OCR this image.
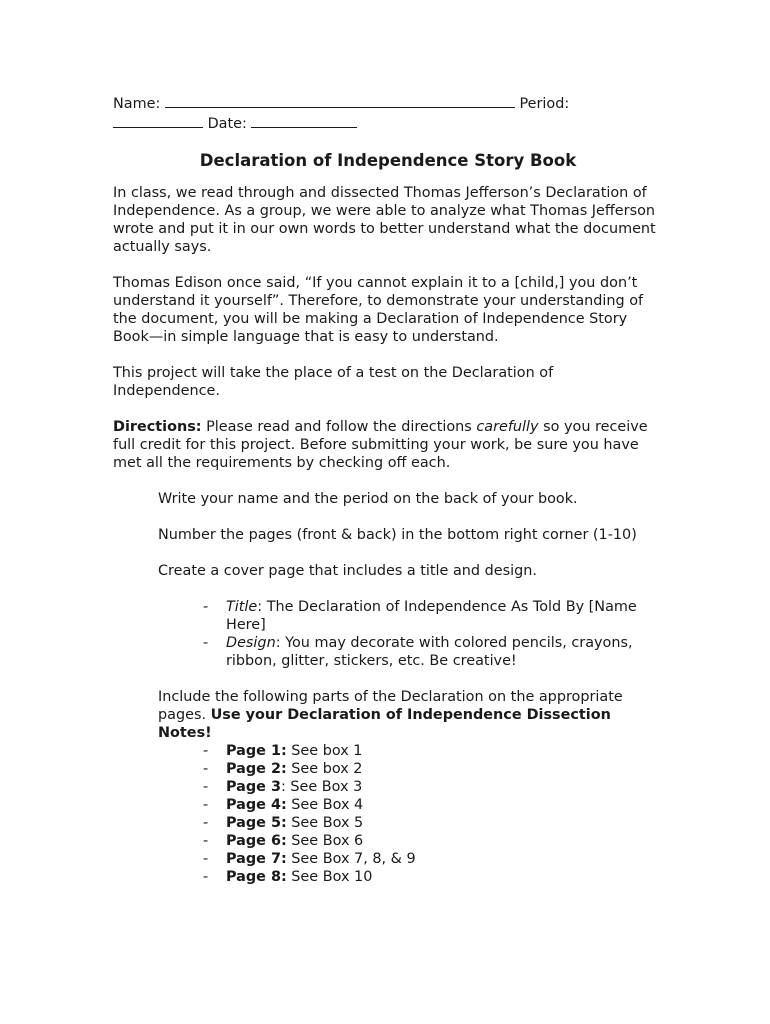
Name:	Period:
Date:

Declaration of Independence Story Book

In class, we read through and dissected Thomas Jefferson’s Declaration of Independence. As a group, we were able to analyze what Thomas Jefferson wrote and put it in our own words to better understand what the document actually says.

Thomas Edison once said, “If you cannot explain it to a [child,] you don’t understand it yourself”. Therefore, to demonstrate your understanding of the document, you will be making a Declaration of Independence Story Book—in simple language that is easy to understand.

This project will take the place of a test on the Declaration of Independence.

Directions: Please read and follow the directions carefully so you receive full credit for this project. Before submitting your work, be sure you have met all the requirements by checking off each.

Write your name and the period on the back of your book.

Number the pages (front & back) in the bottom right corner (1-10)

Create a cover page that includes a title and design.

- Title: The Declaration of Independence As Told By [Name Here]
- Design: You may decorate with colored pencils, crayons, ribbon, glitter, stickers, etc. Be creative!

Include the following parts of the Declaration on the appropriate pages. Use your Declaration of Independence Dissection Notes!

- Page 1: See box 1
- Page 2: See box 2
- Page 3: See Box 3
- Page 4: See Box 4
- Page 5: See Box 5
- Page 6: See Box 6
- Page 7: See Box 7, 8, & 9
- Page 8: See Box 10
